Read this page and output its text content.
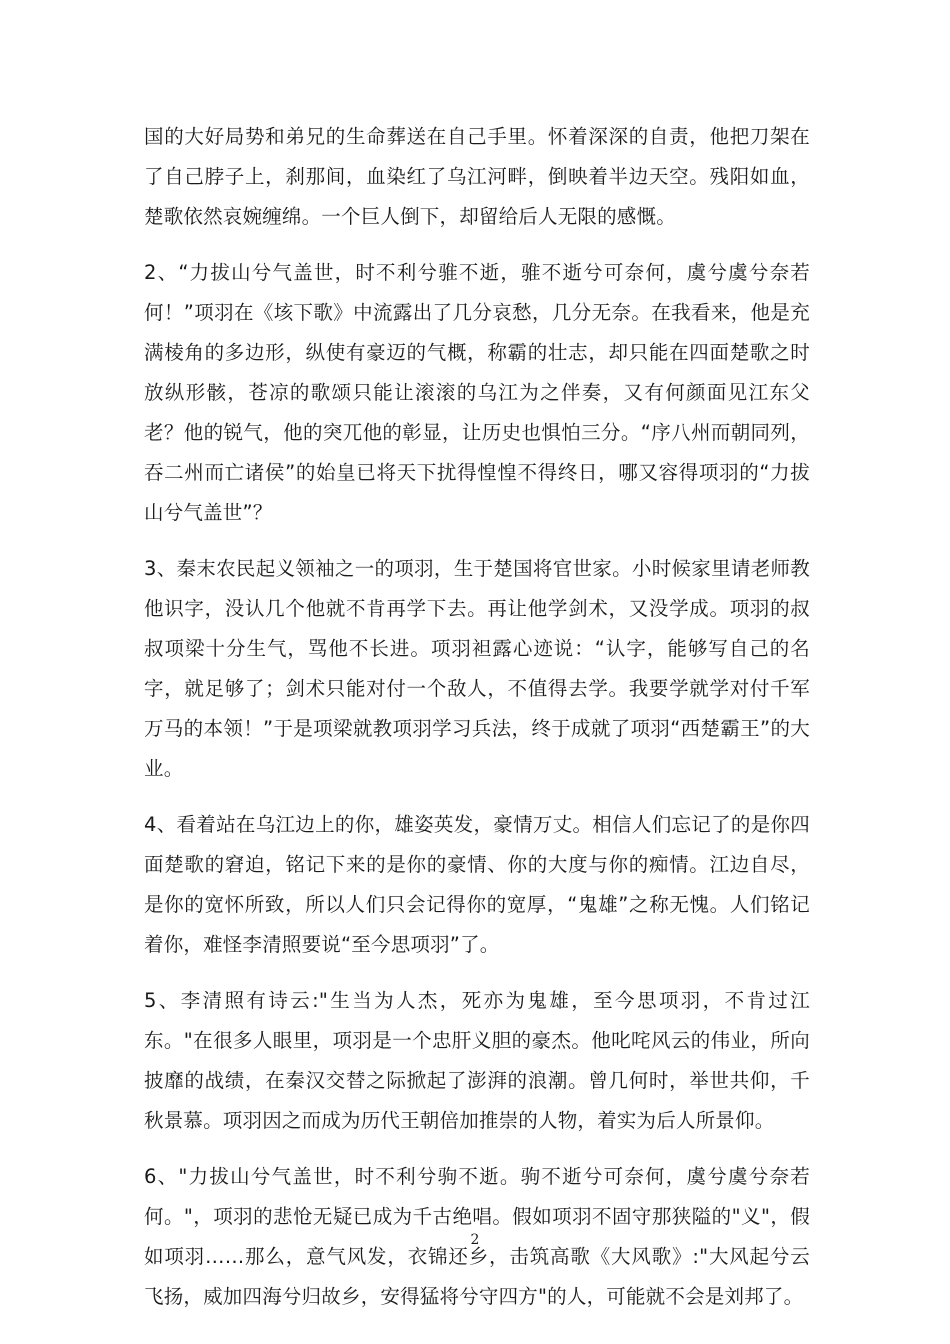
国的大好局势和弟兄的生命葬送在自己手里。怀着深深的自责，他把刀架在了自己脖子上，刹那间，血染红了乌江河畔，倒映着半边天空。残阳如血，楚歌依然哀婉缠绵。一个巨人倒下，却留给后人无限的感慨。

2、“力拔山兮气盖世，时不利兮骓不逝，骓不逝兮可奈何，虞兮虞兮奈若何！”项羽在《垓下歌》中流露出了几分哀愁，几分无奈。在我看来，他是充满棱角的多边形，纵使有豪迈的气概，称霸的壮志，却只能在四面楚歌之时放纵形骸，苍凉的歌颂只能让滚滚的乌江为之伴奏，又有何颜面见江东父老？他的锐气，他的突兀他的彰显，让历史也惧怕三分。“序八州而朝同列，吞二州而亡诸侯”的始皇已将天下扰得惶惶不得终日，哪又容得项羽的“力拔山兮气盖世”？

3、秦末农民起义领袖之一的项羽，生于楚国将官世家。小时候家里请老师教他识字，没认几个他就不肯再学下去。再让他学剑术，又没学成。项羽的叔叔项梁十分生气，骂他不长进。项羽袒露心迹说：“认字，能够写自己的名字，就足够了；剑术只能对付一个敌人，不值得去学。我要学就学对付千军万马的本领！”于是项梁就教项羽学习兵法，终于成就了项羽“西楚霸王”的大业。

4、看着站在乌江边上的你，雄姿英发，豪情万丈。相信人们忘记了的是你四面楚歌的窘迫，铭记下来的是你的豪情、你的大度与你的痴情。江边自尽，是你的宽怀所致，所以人们只会记得你的宽厚，“鬼雄”之称无愧。人们铭记着你，难怪李清照要说“至今思项羽”了。

5、李清照有诗云:"生当为人杰，死亦为鬼雄，至今思项羽，不肯过江东。"在很多人眼里，项羽是一个忠肝义胆的豪杰。他叱咤风云的伟业，所向披靡的战绩，在秦汉交替之际掀起了澎湃的浪潮。曾几何时，举世共仰，千秋景慕。项羽因之而成为历代王朝倍加推崇的人物，着实为后人所景仰。

6、"力拔山兮气盖世，时不利兮驹不逝。驹不逝兮可奈何，虞兮虞兮奈若何。"，项羽的悲怆无疑已成为千古绝唱。假如项羽不固守那狭隘的"义"，假如项羽……那么，意气风发，衣锦还乡，击筑高歌《大风歌》:"大风起兮云飞扬，威加四海兮归故乡，安得猛将兮守四方"的人，可能就不会是刘邦了。

2
